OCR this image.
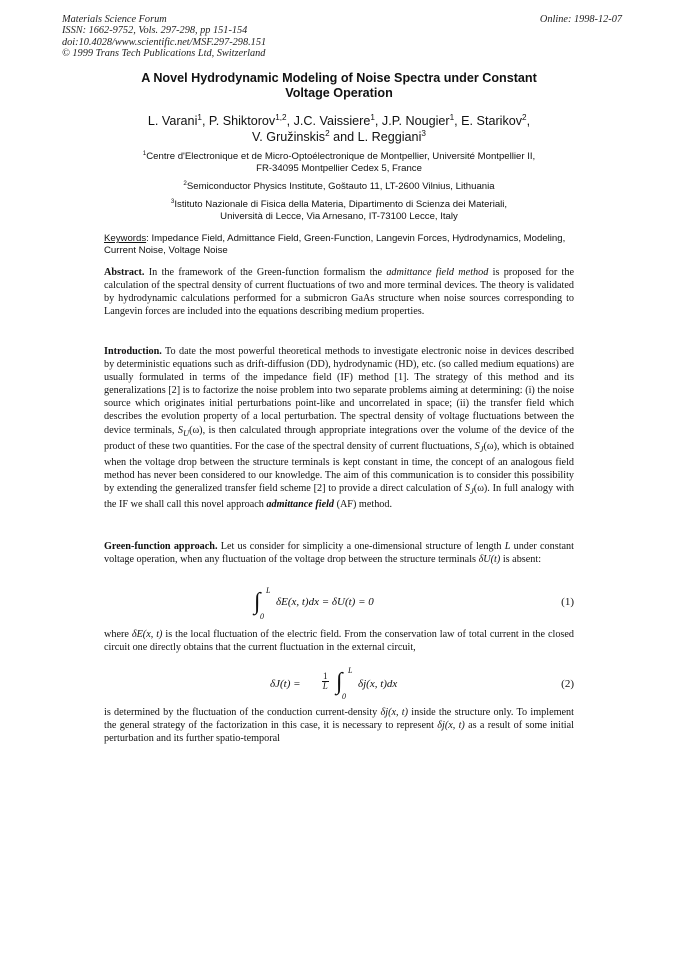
Materials Science Forum
ISSN: 1662-9752, Vols. 297-298, pp 151-154
doi:10.4028/www.scientific.net/MSF.297-298.151
© 1999 Trans Tech Publications Ltd, Switzerland
Online: 1998-12-07
A Novel Hydrodynamic Modeling of Noise Spectra under Constant
Voltage Operation
L. Varani$^1$, P. Shiktorov$^{1,2}$, J.C. Vaissiere$^1$, J.P. Nougier$^1$, E. Starikov$^2$,
V. Gružinskis$^2$ and L. Reggiani$^3$
$^1$Centre d'Electronique et de Micro-Optoélectronique de Montpellier, Université Montpellier II,
FR-34095 Montpellier Cedex 5, France
$^2$Semiconductor Physics Institute, Goštauto 11, LT-2600 Vilnius, Lithuania
$^3$Istituto Nazionale di Fisica della Materia, Dipartimento di Scienza dei Materiali,
Università di Lecce, Via Arnesano, IT-73100 Lecce, Italy
Keywords: Impedance Field, Admittance Field, Green-Function, Langevin Forces, Hydrodynamics, Modeling, Current Noise, Voltage Noise
Abstract. In the framework of the Green-function formalism the admittance field method is proposed for the calculation of the spectral density of current fluctuations of two and more terminal devices. The theory is validated by hydrodynamic calculations performed for a submicron GaAs structure when noise sources corresponding to Langevin forces are included into the equations describing medium properties.
Introduction. To date the most powerful theoretical methods to investigate electronic noise in devices described by deterministic equations such as drift-diffusion (DD), hydrodynamic (HD), etc. (so called medium equations) are usually formulated in terms of the impedance field (IF) method [1]. The strategy of this method and its generalizations [2] is to factorize the noise problem into two separate problems aiming at determining: (i) the noise source which originates initial perturbations point-like and uncorrelated in space; (ii) the transfer field which describes the evolution property of a local perturbation. The spectral density of voltage fluctuations between the device terminals, $S_U(\omega)$, is then calculated through appropriate integrations over the volume of the device of the product of these two quantities. For the case of the spectral density of current fluctuations, $S_J(\omega)$, which is obtained when the voltage drop between the structure terminals is kept constant in time, the concept of an analogous field method has never been considered to our knowledge. The aim of this communication is to consider this possibility by extending the generalized transfer field scheme [2] to provide a direct calculation of $S_J(\omega)$. In full analogy with the IF we shall call this novel approach admittance field (AF) method.
Green-function approach. Let us consider for simplicity a one-dimensional structure of length L under constant voltage operation, when any fluctuation of the voltage drop between the structure terminals δU(t) is absent:
∫ L
0
δE(x, t)dx = δU(t) = 0	(1)
where δE(x, t) is the local fluctuation of the electric field. From the conservation law of total current in the closed circuit one directly obtains that the current fluctuation in the external circuit,
$\delta J(t) = \frac{1}{L}$ ∫ L
0
δj(x, t)dx	(2)
is determined by the fluctuation of the conduction current-density δj(x, t) inside the structure only. To implement the general strategy of the factorization in this case, it is necessary to represent δj(x, t) as a result of some initial perturbation and its further spatio-temporal
